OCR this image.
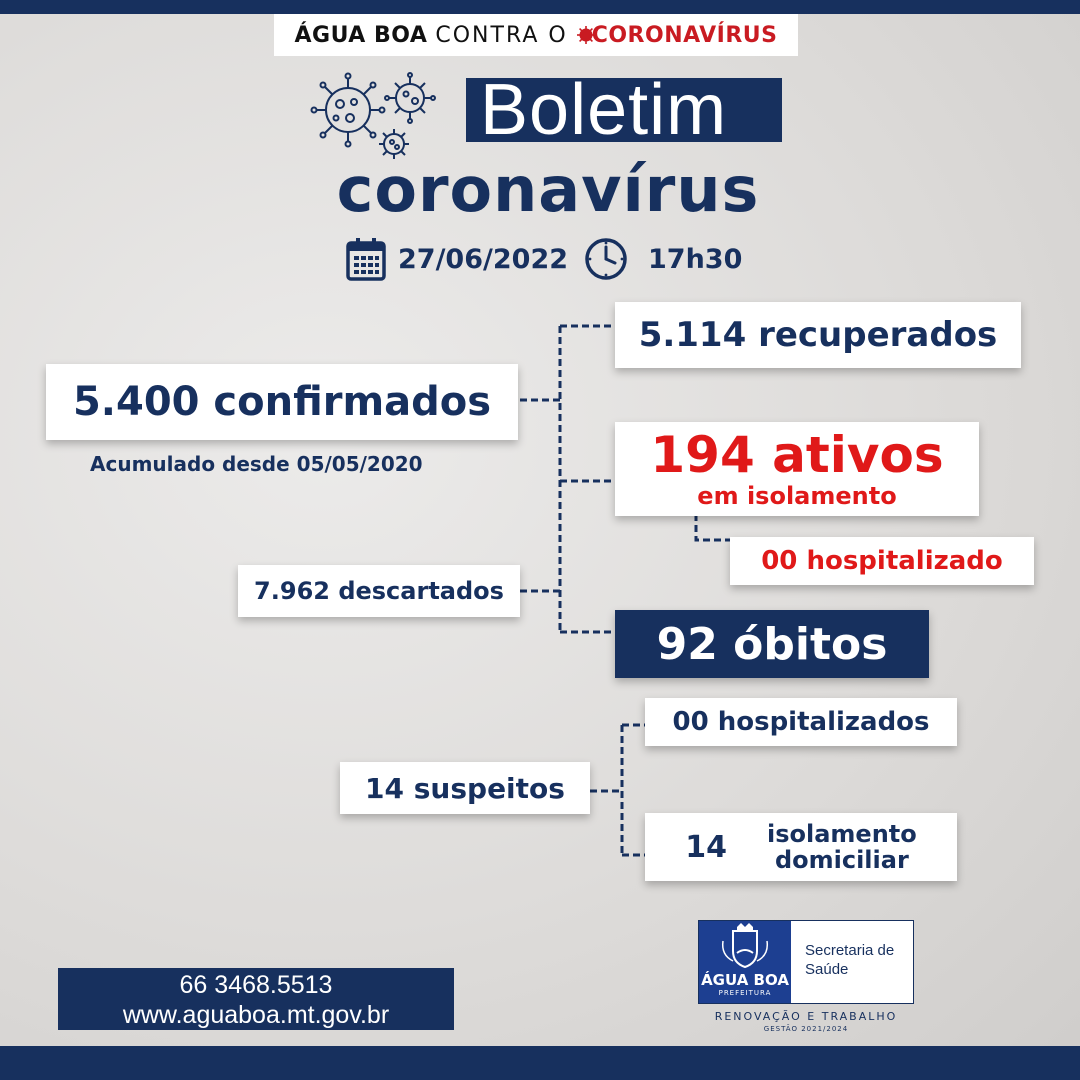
ÁGUA BOA CONTRA O CORONAVÍRUS
Boletim
coronavírus
27/06/2022	17h30
5.400 confirmados
Acumulado desde 05/05/2020
5.114 recuperados
194 ativos
em isolamento
00 hospitalizado
7.962 descartados
92 óbitos
00 hospitalizados
14 suspeitos
14 isolamento
domiciliar
66 3468.5513
www.aguaboa.mt.gov.br
ÁGUA BOA
PREFEITURA
Secretaria de
Saúde
RENOVAÇÃO E TRABALHO
GESTÃO 2021/2024
